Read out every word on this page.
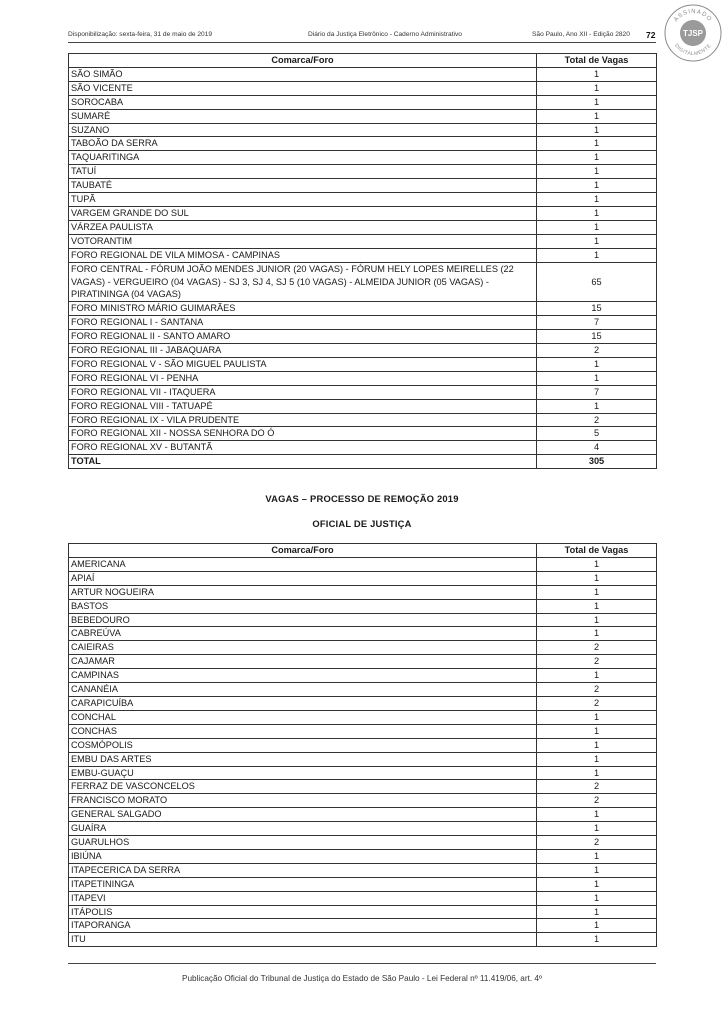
Disponibilização: sexta-feira, 31 de maio de 2019	Diário da Justiça Eletrônico - Caderno Administrativo	São Paulo, Ano XII - Edição 2820 72
ASSINADO
DIGITALMENTE
TJSP
Comarca/Foro	Total de Vagas
SÃO SIMÃO	1
SÃO VICENTE	1
SOROCABA	1
SUMARÉ	1
SUZANO	1
TABOÃO DA SERRA	1
TAQUARITINGA	1
TATUÍ	1
TAUBATÉ	1
TUPÃ	1
VARGEM GRANDE DO SUL	1
VÁRZEA PAULISTA	1
VOTORANTIM	1
FORO REGIONAL DE VILA MIMOSA - CAMPINAS	1
FORO CENTRAL - FÓRUM JOÃO MENDES JUNIOR (20 VAGAS) - FÓRUM HELY LOPES MEIRELLES (22 VAGAS) - VERGUEIRO (04 VAGAS) - SJ 3, SJ 4, SJ 5 (10 VAGAS) - ALMEIDA JUNIOR (05 VAGAS) - PIRATININGA (04 VAGAS)	65
FORO MINISTRO MÁRIO GUIMARÃES	15
FORO REGIONAL I - SANTANA	7
FORO REGIONAL II - SANTO AMARO	15
FORO REGIONAL III - JABAQUARA	2
FORO REGIONAL V - SÃO MIGUEL PAULISTA	1
FORO REGIONAL VI - PENHA	1
FORO REGIONAL VII - ITAQUERA	7
FORO REGIONAL VIII - TATUAPÉ	1
FORO REGIONAL IX - VILA PRUDENTE	2
FORO REGIONAL XII - NOSSA SENHORA DO Ó	5
FORO REGIONAL XV - BUTANTÃ	4
TOTAL	305
VAGAS – PROCESSO DE REMOÇÃO 2019
OFICIAL DE JUSTIÇA
Comarca/Foro	Total de Vagas
AMERICANA	1
APIAÍ	1
ARTUR NOGUEIRA	1
BASTOS	1
BEBEDOURO	1
CABREÚVA	1
CAIEIRAS	2
CAJAMAR	2
CAMPINAS	1
CANANÉIA	2
CARAPICUÍBA	2
CONCHAL	1
CONCHAS	1
COSMÓPOLIS	1
EMBU DAS ARTES	1
EMBU-GUAÇU	1
FERRAZ DE VASCONCELOS	2
FRANCISCO MORATO	2
GENERAL SALGADO	1
GUAÍRA	1
GUARULHOS	2
IBIÚNA	1
ITAPECERICA DA SERRA	1
ITAPETININGA	1
ITAPEVI	1
ITÁPOLIS	1
ITAPORANGA	1
ITU	1
Publicação Oficial do Tribunal de Justiça do Estado de São Paulo - Lei Federal nº 11.419/06, art. 4º
